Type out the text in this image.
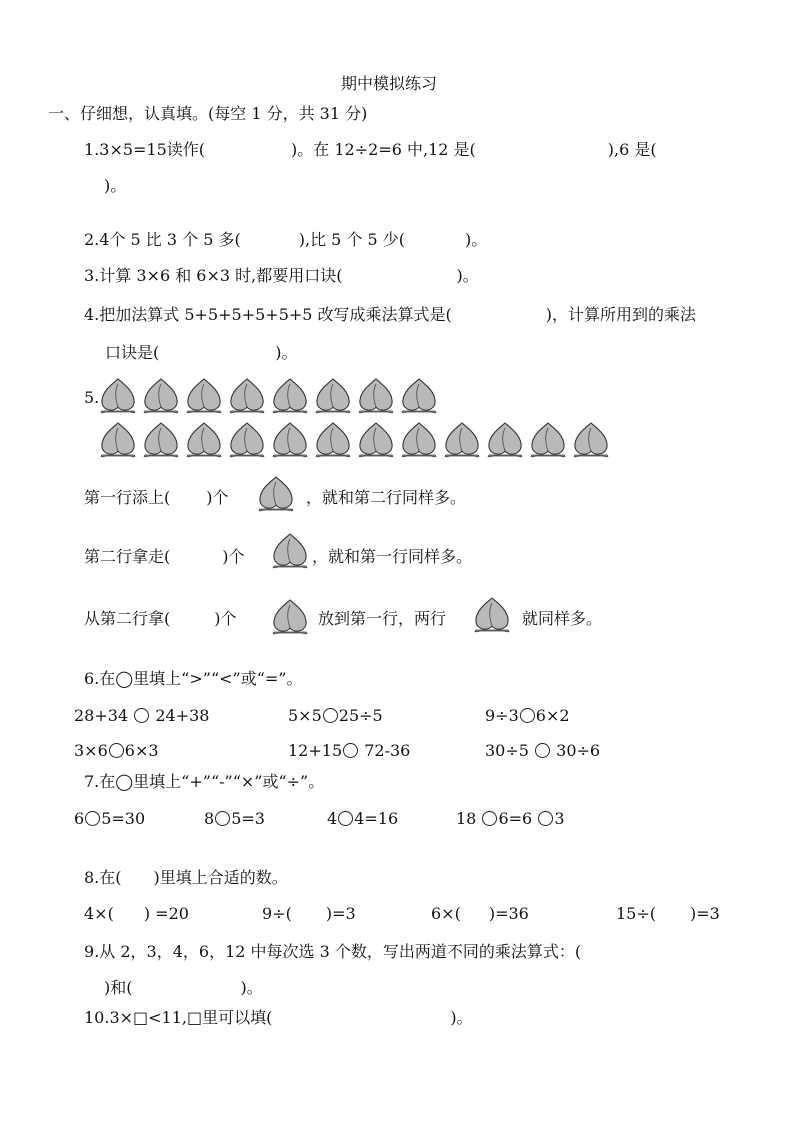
期中模拟练习
一、仔细想，认真填。(每空 1 分，共 31 分)
1.3×5=15读作(	)。在 12÷2=6 中,12 是(	),6 是(
)。
2.4个 5 比 3 个 5 多(	),比 5 个 5 少(	)。
3.计算 3×6 和 6×3 时,都要用口诀(	)。
4.把加法算式 5+5+5+5+5+5 改写成乘法算式是(	)，计算所用到的乘法
口诀是(	)。
5.
第一行添上( )个	，就和第二行同样多。
第二行拿走(	)个	，就和第一行同样多。
从第二行拿(	)个	放到第一行，两行	就同样多。
6.在◯里填上“>”“<”或“=”。
28+34 24+38	5×5 25÷5	9÷3 6×2
3×6 6×3	12+15 72-36	30÷5 30÷6
7.在◯里填上“+”“-”“×”或“÷”。
6 5=30	8 5=3	4 4=16	18 6=6 3
8.在(　　)里填上合适的数。
4×( ) =20	9÷( )=3	6×( )=36	15÷( )=3
9.从 2，3，4，6，12 中每次选 3 个数，写出两道不同的乘法算式：(
)和(	)。
10.3×□<11,□里可以填(	)。
